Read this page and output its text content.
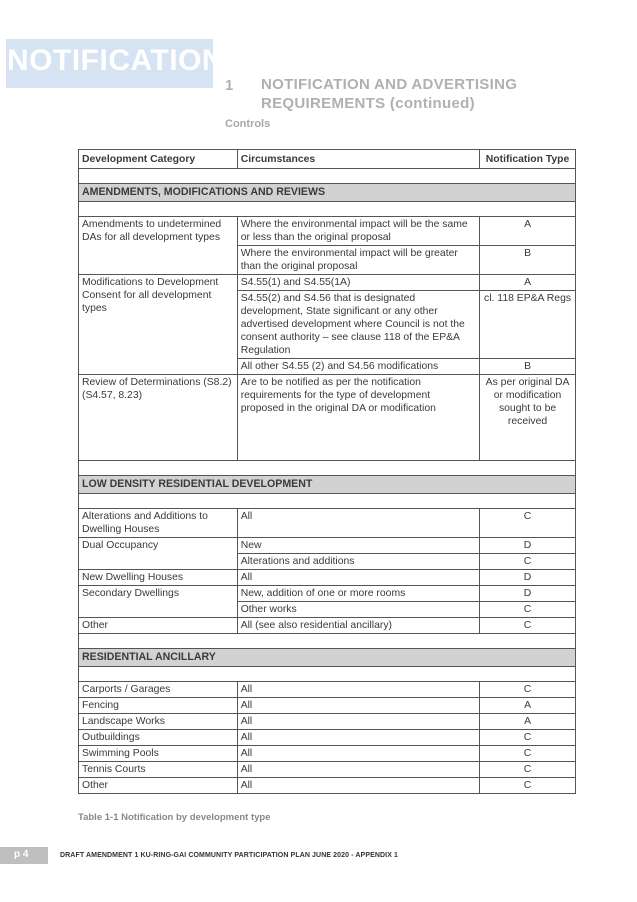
NOTIFICATIONS
1 NOTIFICATION AND ADVERTISING REQUIREMENTS (continued)
Controls
Development Category	Circumstances	Notification Type

AMENDMENTS, MODIFICATIONS AND REVIEWS		

Amendments to undetermined DAs for all development types	Where the environmental impact will be the same or less than the original proposal	A
	Where the environmental impact will be greater than the original proposal	B
Modifications to Development Consent for all development types	S4.55(1) and S4.55(1A)	A
	S4.55(2) and S4.56 that is designated development, State significant or any other advertised development where Council is not the consent authority – see clause 118 of the EP&A Regulation	cl. 118 EP&A Regs
	All other S4.55 (2) and S4.56 modifications	B
Review of Determinations (S8.2) (S4.57, 8.23)	Are to be notified as per the notification requirements for the type of development proposed in the original DA or modification	As per original DA or modification sought to be received

LOW DENSITY RESIDENTIAL DEVELOPMENT		

Alterations and Additions to Dwelling Houses	All	C
Dual Occupancy	New	D
	Alterations and additions	C
New Dwelling Houses	All	D
Secondary Dwellings	New, addition of one or more rooms	D
	Other works	C
Other	All (see also residential ancillary)	C

RESIDENTIAL ANCILLARY		

Carports / Garages	All	C
Fencing	All	A
Landscape Works	All	A
Outbuildings	All	C
Swimming Pools	All	C
Tennis Courts	All	C
Other	All	C
Table 1-1 Notification by development type
p 4	DRAFT AMENDMENT 1 KU-RING-GAI COMMUNITY PARTICIPATION PLAN JUNE 2020 - APPENDIX 1
